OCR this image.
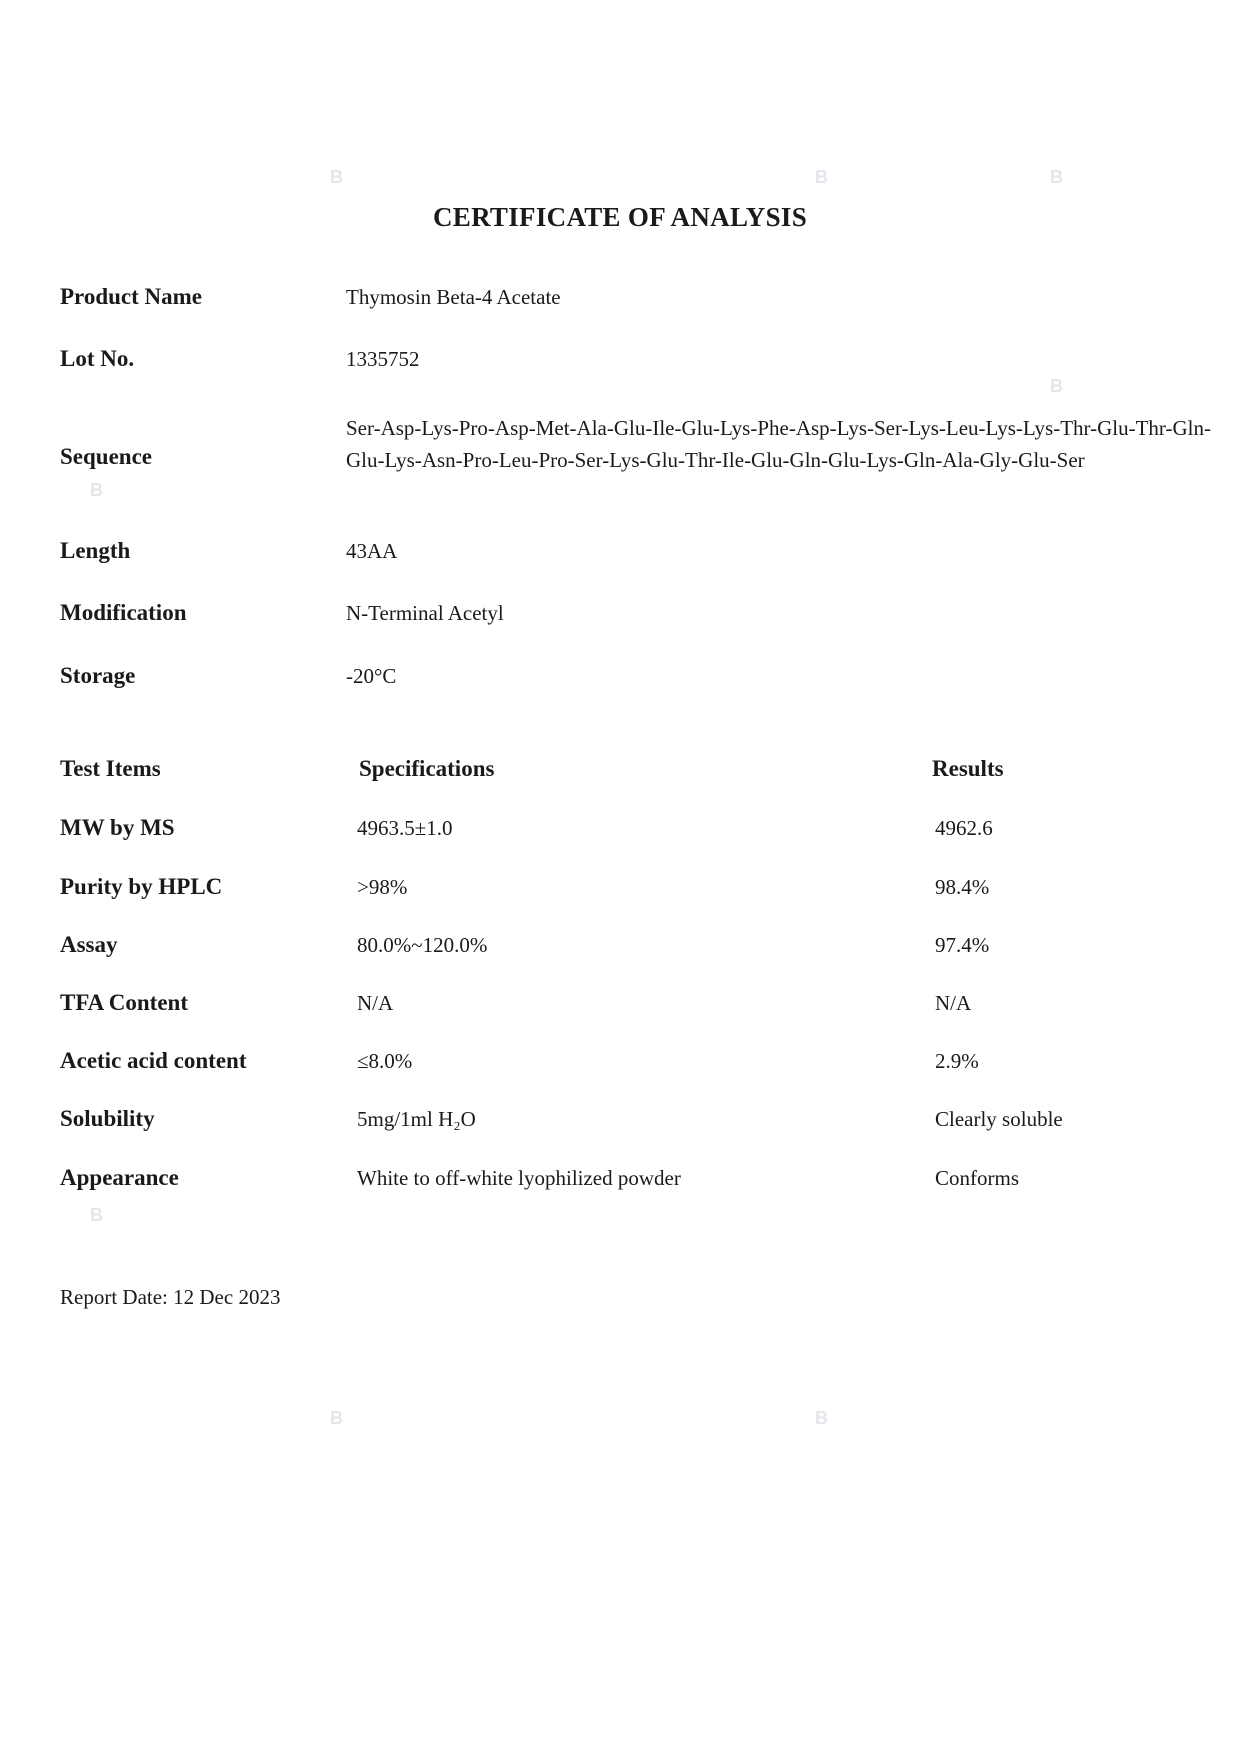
B	B	B
B
B
B
B	B
CERTIFICATE OF ANALYSIS
Product Name	Thymosin Beta-4 Acetate
Lot No.	1335752
Sequence
Ser-Asp-Lys-Pro-Asp-Met-Ala-Glu-Ile-Glu-Lys-Phe-Asp-Lys-Ser-Lys-Leu-Lys-Lys-Thr-Glu-Thr-Gln-Glu-Lys-Asn-Pro-Leu-Pro-Ser-Lys-Glu-Thr-Ile-Glu-Gln-Glu-Lys-Gln-Ala-Gly-Glu-Ser
Length	43AA
Modification	N-Terminal Acetyl
Storage	-20°C
Test Items	Specifications	Results
MW by MS	4963.5±1.0	4962.6
Purity by HPLC	>98%	98.4%
Assay	80.0%~120.0%	97.4%
TFA Content	N/A	N/A
Acetic acid content	≤8.0%	2.9%
Solubility	5mg/1ml H₂O	Clearly soluble
Appearance	White to off-white lyophilized powder	Conforms
Report Date: 12 Dec 2023
